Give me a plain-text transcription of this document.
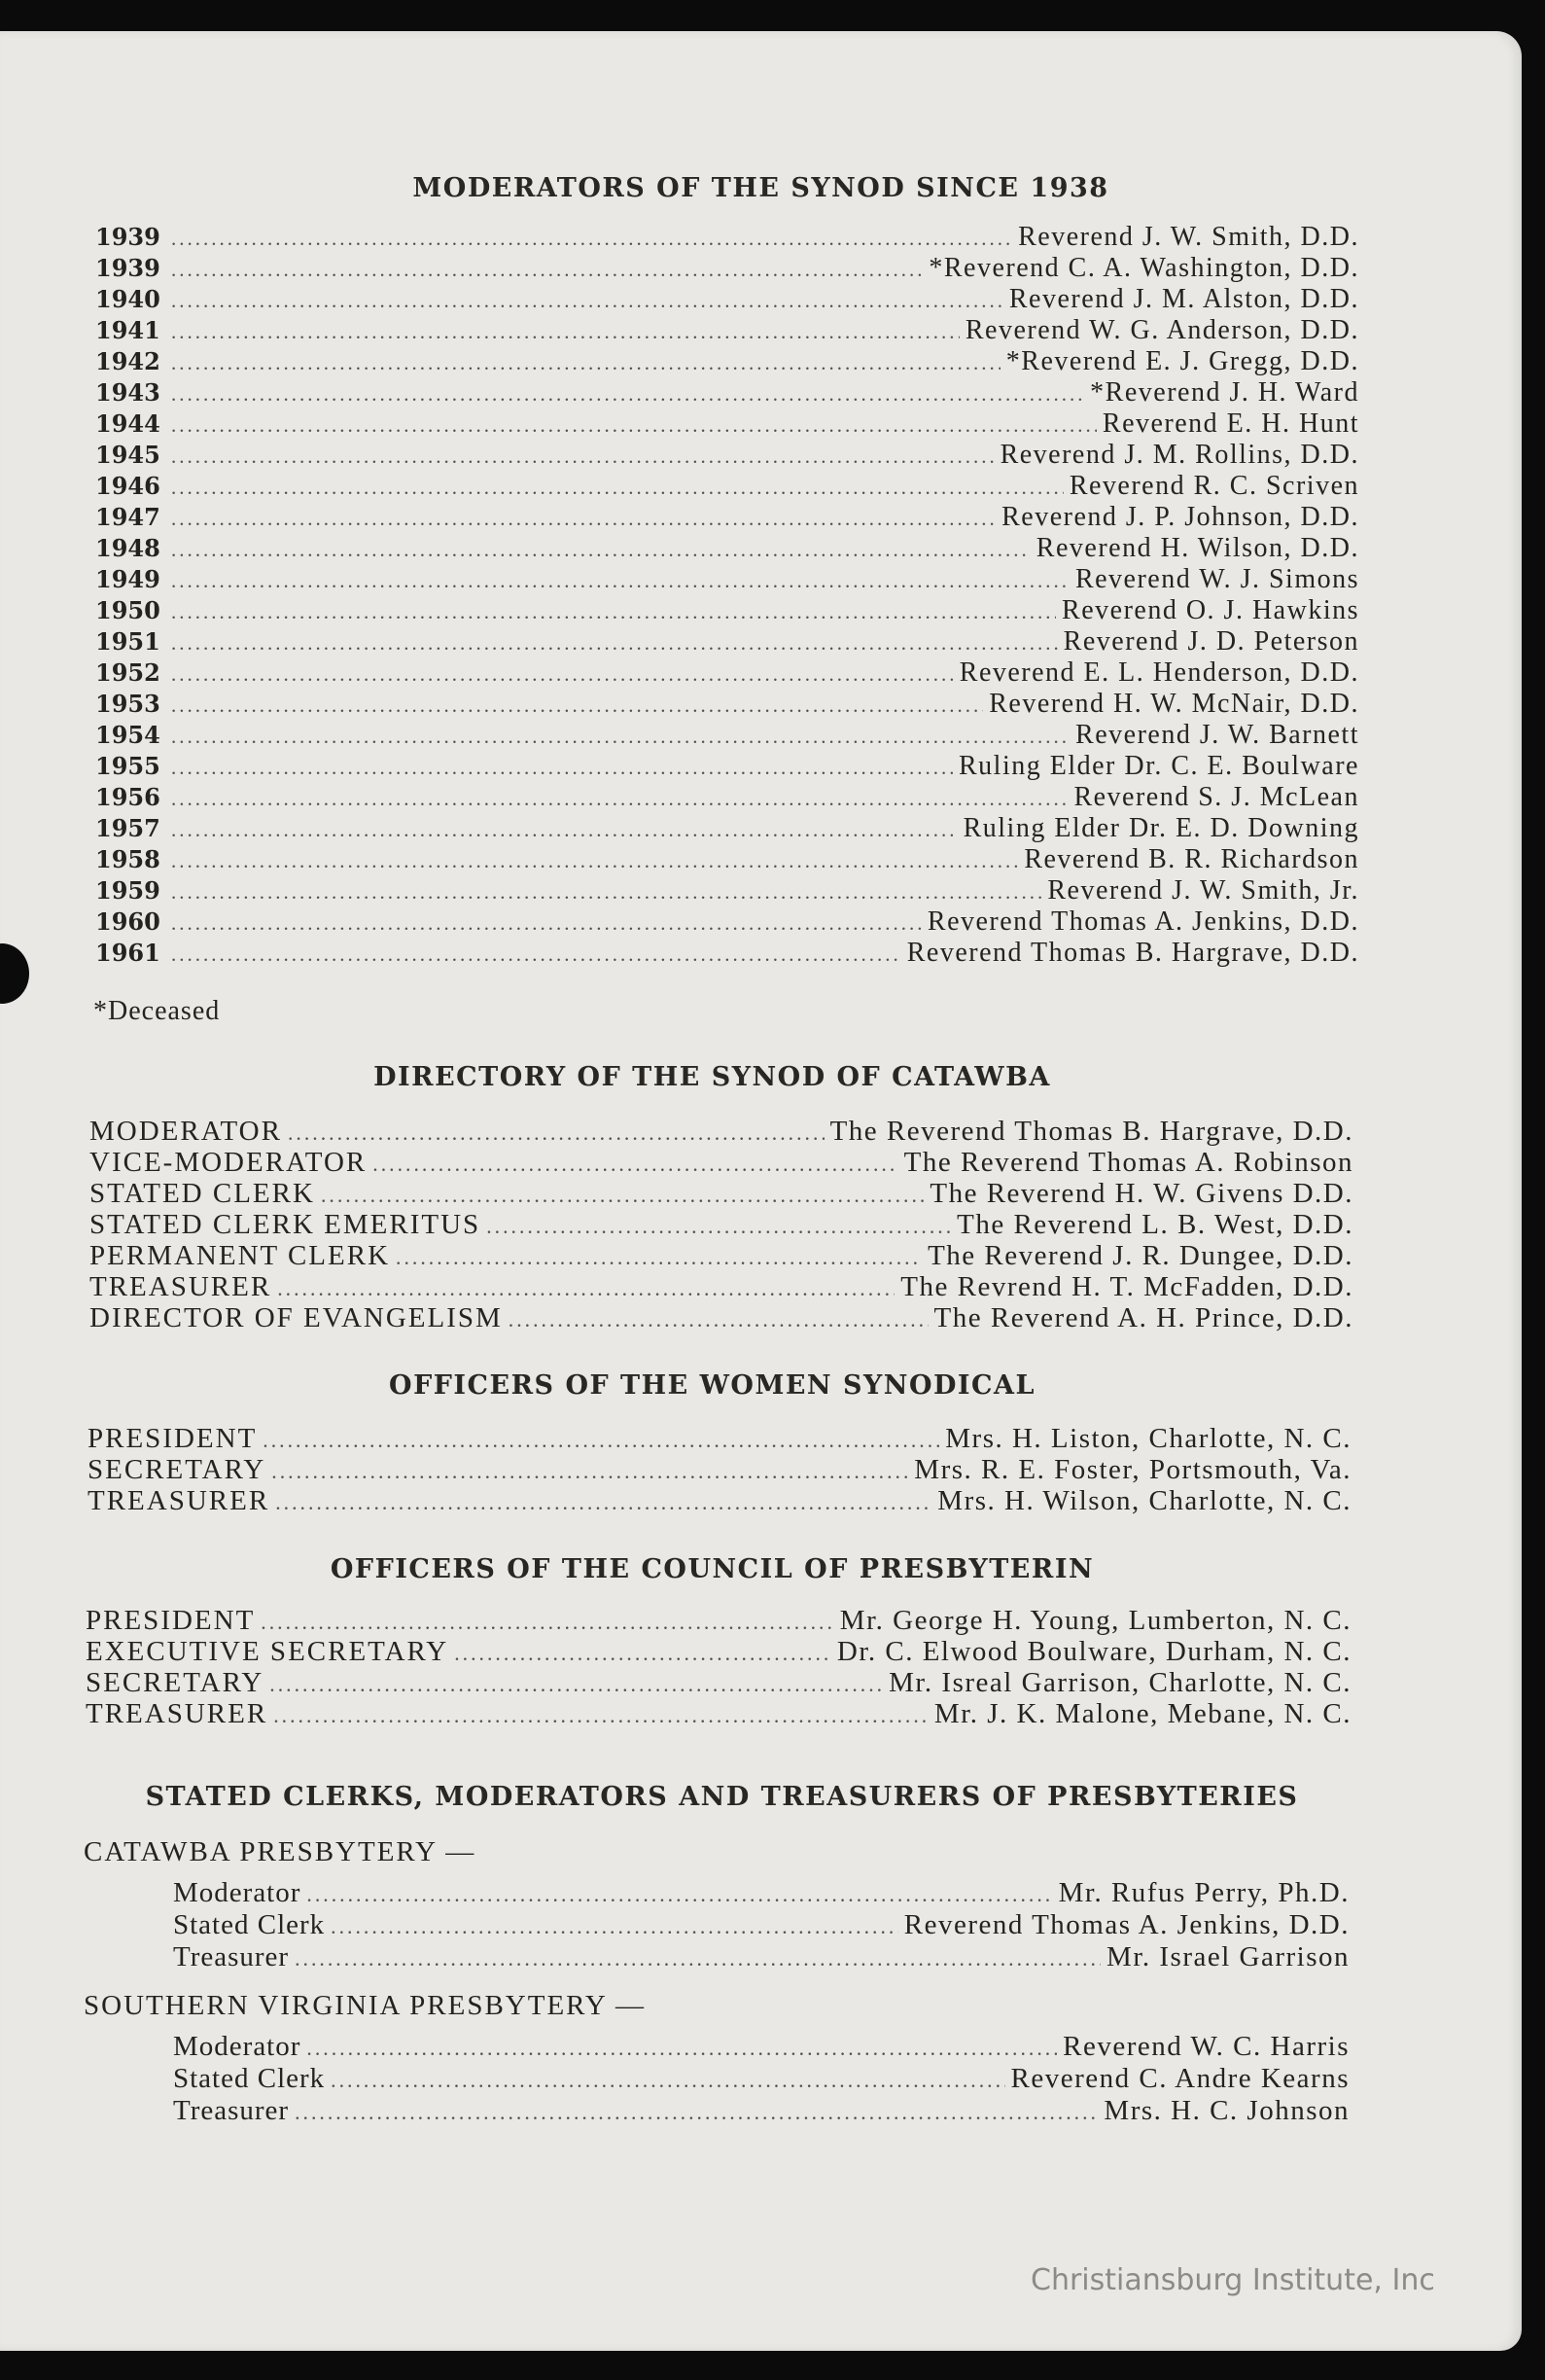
MODERATORS OF THE SYNOD SINCE 1938
1939 .....	Reverend J. W. Smith, D.D.
1939 .....	*Reverend C. A. Washington, D.D.
1940 .....	Reverend J. M. Alston, D.D.
1941 .....	Reverend W. G. Anderson, D.D.
1942 .....	*Reverend E. J. Gregg, D.D.
1943 .....	*Reverend J. H. Ward
1944 .....	Reverend E. H. Hunt
1945 .....	Reverend J. M. Rollins, D.D.
1946 .....	Reverend R. C. Scriven
1947 .....	Reverend J. P. Johnson, D.D.
1948 .....	Reverend H. Wilson, D.D.
1949 .....	Reverend W. J. Simons
1950 .....	Reverend O. J. Hawkins
1951 .....	Reverend J. D. Peterson
1952 .....	Reverend E. L. Henderson, D.D.
1953 .....	Reverend H. W. McNair, D.D.
1954 .....	Reverend J. W. Barnett
1955 .....	Ruling Elder Dr. C. E. Boulware
1956 .....	Reverend S. J. McLean
1957 .....	Ruling Elder Dr. E. D. Downing
1958 .....	Reverend B. R. Richardson
1959 .....	Reverend J. W. Smith, Jr.
1960 .....	Reverend Thomas A. Jenkins, D.D.
1961 .....	Reverend Thomas B. Hargrave, D.D.
*Deceased
DIRECTORY OF THE SYNOD OF CATAWBA
MODERATOR .....	The Reverend Thomas B. Hargrave, D.D.
VICE-MODERATOR .....	The Reverend Thomas A. Robinson
STATED CLERK .....	The Reverend H. W. Givens D.D.
STATED CLERK EMERITUS .....	The Reverend L. B. West, D.D.
PERMANENT CLERK .....	The Reverend J. R. Dungee, D.D.
TREASURER .....	The Revrend H. T. McFadden, D.D.
DIRECTOR OF EVANGELISM .....	The Reverend A. H. Prince, D.D.
OFFICERS OF THE WOMEN SYNODICAL
PRESIDENT .....	Mrs. H. Liston, Charlotte, N. C.
SECRETARY .....	Mrs. R. E. Foster, Portsmouth, Va.
TREASURER .....	Mrs. H. Wilson, Charlotte, N. C.
OFFICERS OF THE COUNCIL OF PRESBYTERIN
PRESIDENT .....	Mr. George H. Young, Lumberton, N. C.
EXECUTIVE SECRETARY .....	Dr. C. Elwood Boulware, Durham, N. C.
SECRETARY .....	Mr. Isreal Garrison, Charlotte, N. C.
TREASURER .....	Mr. J. K. Malone, Mebane, N. C.
STATED CLERKS, MODERATORS AND TREASURERS OF PRESBYTERIES
CATAWBA PRESBYTERY —
Moderator .....	Mr. Rufus Perry, Ph.D.
Stated Clerk .....	Reverend Thomas A. Jenkins, D.D.
Treasurer .....	Mr. Israel Garrison
SOUTHERN VIRGINIA PRESBYTERY —
Moderator .....	Reverend W. C. Harris
Stated Clerk .....	Reverend C. Andre Kearns
Treasurer .....	Mrs. H. C. Johnson
Christiansburg Institute, Inc
